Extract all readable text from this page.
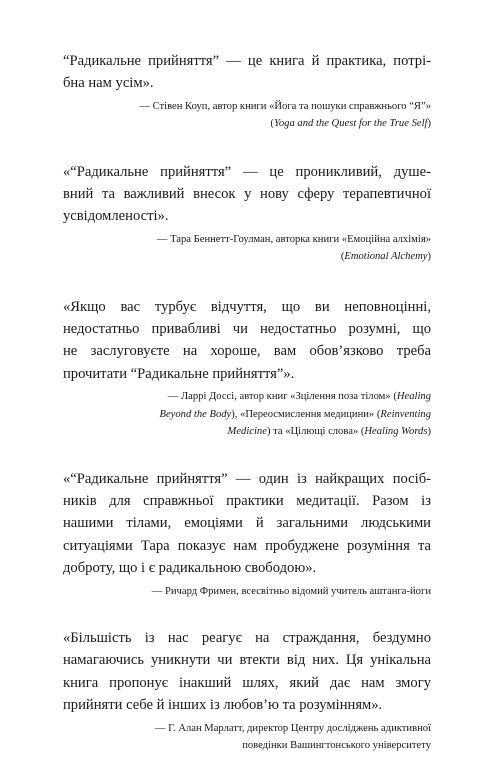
“Радикальне прийняття” — це книга й практика, потрі-
бна нам усім».

— Стівен Коуп, автор книги «Йога та пошуки справжнього “Я”»
(Yoga and the Quest for the True Self)

«“Радикальне прийняття” — це проникливий, душе-
вний та важливий внесок у нову сферу терапевтичної
усвідомленості».

— Тара Беннетт-Гоулман, авторка книги «Емоційна алхімія»
(Emotional Alchemy)

«Якщо вас турбує відчуття, що ви неповноцінні,
недостатньо привабливі чи недостатньо розумні, що
не заслуговуєте на хороше, вам обов’язково треба
прочитати “Радикальне прийняття”».

— Ларрі Доссі, автор книг «Зцілення поза тілом» (Healing
Beyond the Body), «Переосмислення медицини» (Reinventing
Medicine) та «Цілющі слова» (Healing Words)

«“Радикальне прийняття” — один із найкращих посіб-
ників для справжньої практики медитації. Разом із
нашими тілами, емоціями й загальними людськими
ситуаціями Тара показує нам пробуджене розуміння та
доброту, що і є радикальною свободою».

— Ричард Фримен, всесвітньо відомий учитель аштанга-йоги

«Більшість із нас реагує на страждання, бездумно
намагаючись уникнути чи втекти від них. Ця унікальна
книга пропонує інакший шлях, який дає нам змогу
прийняти себе й інших із любов’ю та розумінням».

— Г. Алан Марлатт, директор Центру досліджень адиктивної
поведінки Вашингтонського університету
